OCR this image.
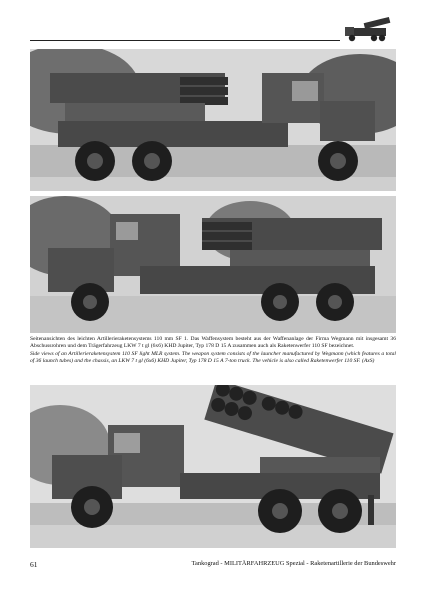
Seitenansichten des leichten Artillerieraketensystems 110 mm SF 1. Das Waffensystem besteht aus der Waffenanlage der Firma Wegmann mit insgesamt 36 Abschussrohren und dem Trägerfahrzeug LKW 7 t gl (6x6) KHD Jupiter, Typ 178 D 15 A zusammen auch als Raketenwerfer 110 SF bezeichnet.

Side views of an Artillerieraketensystem 110 SF light MLR system. The weapon system consists of the launcher manufactured by Wegmann (which features a total of 36 launch tubes) and the chassis, an LKW 7 t gl (6x6) KHD Jupiter, Typ 178 D 15 A 7-ton truck. The vehicle is also called Raketenwerfer 110 SF. (AxS)

61	Tankograd - MILITÄRFAHRZEUG Spezial - Raketenartillerie der Bundeswehr
